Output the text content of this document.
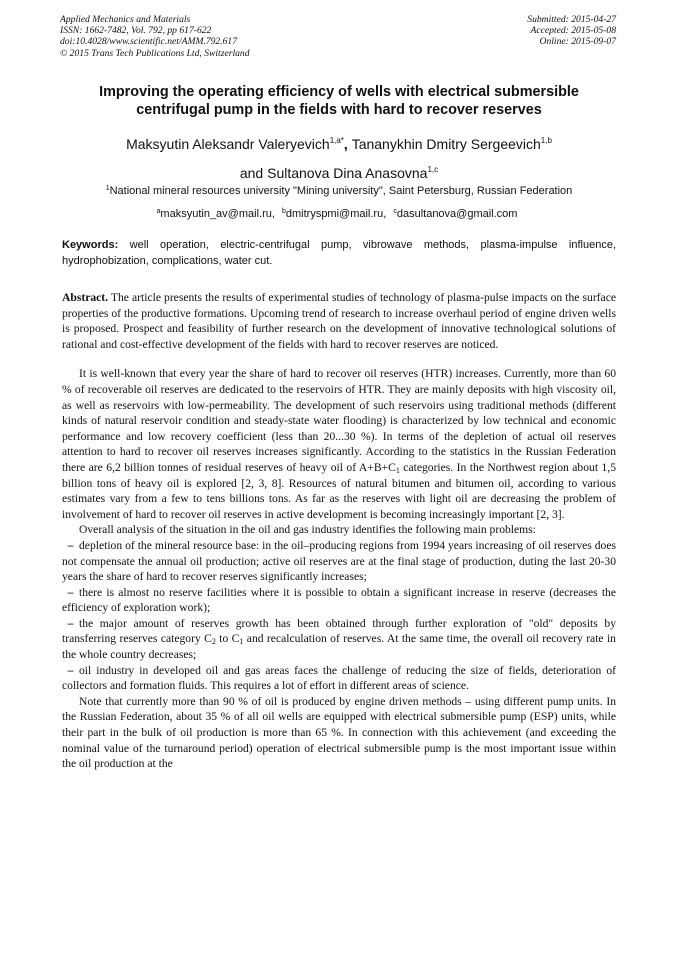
Applied Mechanics and Materials
ISSN: 1662-7482, Vol. 792, pp 617-622
doi:10.4028/www.scientific.net/AMM.792.617
© 2015 Trans Tech Publications Ltd, Switzerland
Submitted: 2015-04-27
Accepted: 2015-05-08
Online: 2015-09-07
Improving the operating efficiency of wells with electrical submersible
centrifugal pump in the fields with hard to recover reserves
Maksyutin Aleksandr Valeryevich$^{1,a*}$, Tananykhin Dmitry Sergeevich$^{1,b}$
and Sultanova Dina Anasovna$^{1,c}$
$^1$National mineral resources university "Mining university", Saint Petersburg, Russian Federation
$^a$maksyutin_av@mail.ru, $^b$dmitryspmi@mail.ru, $^c$dasultanova@gmail.com
Keywords: well operation, electric-centrifugal pump, vibrowave methods, plasma-impulse influence, hydrophobization, complications, water cut.

Abstract. The article presents the results of experimental studies of technology of plasma-pulse impacts on the surface properties of the productive formations. Upcoming trend of research to increase overhaul period of engine driven wells is proposed. Prospect and feasibility of further research on the development of innovative technological solutions of rational and cost-effective development of the fields with hard to recover reserves are noticed.

It is well-known that every year the share of hard to recover oil reserves (HTR) increases. Currently, more than 60 % of recoverable oil reserves are dedicated to the reservoirs of HTR. They are mainly deposits with high viscosity oil, as well as reservoirs with low-permeability. The development of such reservoirs using traditional methods (different kinds of natural reservoir condition and steady-state water flooding) is characterized by low technical and economic performance and low recovery coefficient (less than 20...30 %). In terms of the depletion of actual oil reserves attention to hard to recover oil reserves increases significantly. According to the statistics in the Russian Federation there are 6,2 billion tonnes of residual reserves of heavy oil of $A+B+C_1$ categories. In the Northwest region about 1,5 billion tons of heavy oil is explored [2, 3, 8]. Resources of natural bitumen and bitumen oil, according to various estimates vary from a few to tens billions tons. As far as the reserves with light oil are decreasing the problem of involvement of hard to recover oil reserves in active development is becoming increasingly important [2, 3].

Overall analysis of the situation in the oil and gas industry identifies the following main problems:

– depletion of the mineral resource base: in the oil–producing regions from 1994 years increasing of oil reserves does not compensate the annual oil production; active oil reserves are at the final stage of production, duting the last 20-30 years the share of hard to recover reserves significantly increases;

– there is almost no reserve facilities where it is possible to obtain a significant increase in reserve (decreases the efficiency of exploration work);

– the major amount of reserves growth has been obtained through further exploration of "old" deposits by transferring reserves category $C_2$ to $C_1$ and recalculation of reserves. At the same time, the overall oil recovery rate in the whole country decreases;

– oil industry in developed oil and gas areas faces the challenge of reducing the size of fields, deterioration of collectors and formation fluids. This requires a lot of effort in different areas of science.

Note that currently more than 90 % of oil is produced by engine driven methods – using different pump units. In the Russian Federation, about 35 % of all oil wells are equipped with electrical submersible pump (ESP) units, while their part in the bulk of oil production is more than 65 %. In connection with this achievement (and exceeding the nominal value of the turnaround period) operation of electrical submersible pump is the most important issue within the oil production at the
